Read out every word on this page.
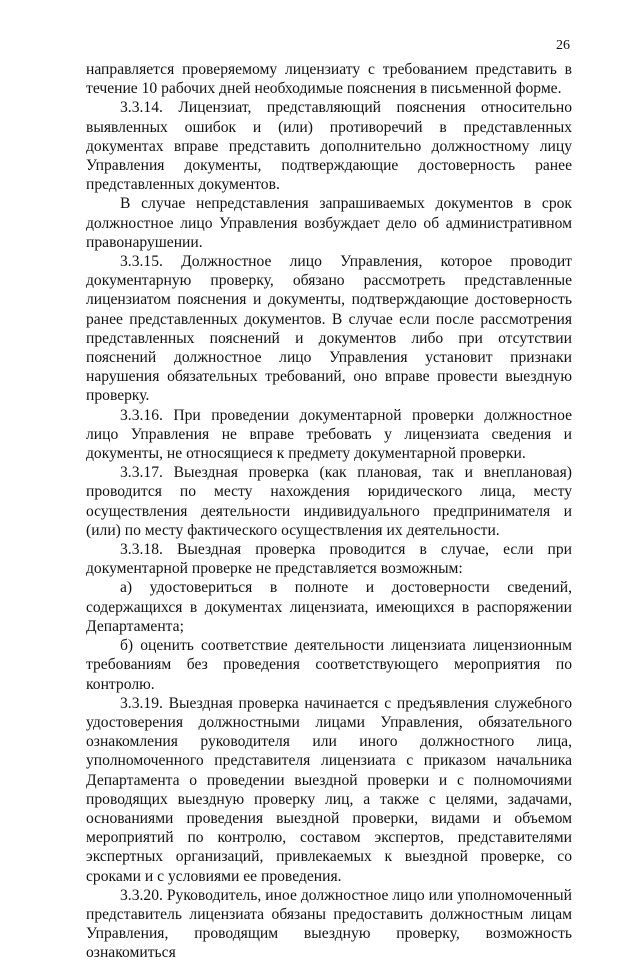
26

направляется проверяемому лицензиату с требованием представить в течение 10 рабочих дней необходимые пояснения в письменной форме.

3.3.14. Лицензиат, представляющий пояснения относительно выявленных ошибок и (или) противоречий в представленных документах вправе представить дополнительно должностному лицу Управления документы, подтверждающие достоверность ранее представленных документов.

В случае непредставления запрашиваемых документов в срок должностное лицо Управления возбуждает дело об административном правонарушении.

3.3.15. Должностное лицо Управления, которое проводит документарную проверку, обязано рассмотреть представленные лицензиатом пояснения и документы, подтверждающие достоверность ранее представленных документов. В случае если после рассмотрения представленных пояснений и документов либо при отсутствии пояснений должностное лицо Управления установит признаки нарушения обязательных требований, оно вправе провести выездную проверку.

3.3.16. При проведении документарной проверки должностное лицо Управления не вправе требовать у лицензиата сведения и документы, не относящиеся к предмету документарной проверки.

3.3.17. Выездная проверка (как плановая, так и внеплановая) проводится по месту нахождения юридического лица, месту осуществления деятельности индивидуального предпринимателя и (или) по месту фактического осуществления их деятельности.

3.3.18. Выездная проверка проводится в случае, если при документарной проверке не представляется возможным:

а) удостовериться в полноте и достоверности сведений, содержащихся в документах лицензиата, имеющихся в распоряжении Департамента;

б) оценить соответствие деятельности лицензиата лицензионным требованиям без проведения соответствующего мероприятия по контролю.

3.3.19. Выездная проверка начинается с предъявления служебного удостоверения должностными лицами Управления, обязательного ознакомления руководителя или иного должностного лица, уполномоченного представителя лицензиата с приказом начальника Департамента о проведении выездной проверки и с полномочиями проводящих выездную проверку лиц, а также с целями, задачами, основаниями проведения выездной проверки, видами и объемом мероприятий по контролю, составом экспертов, представителями экспертных организаций, привлекаемых к выездной проверке, со сроками и с условиями ее проведения.

3.3.20. Руководитель, иное должностное лицо или уполномоченный представитель лицензиата обязаны предоставить должностным лицам Управления, проводящим выездную проверку, возможность ознакомиться
